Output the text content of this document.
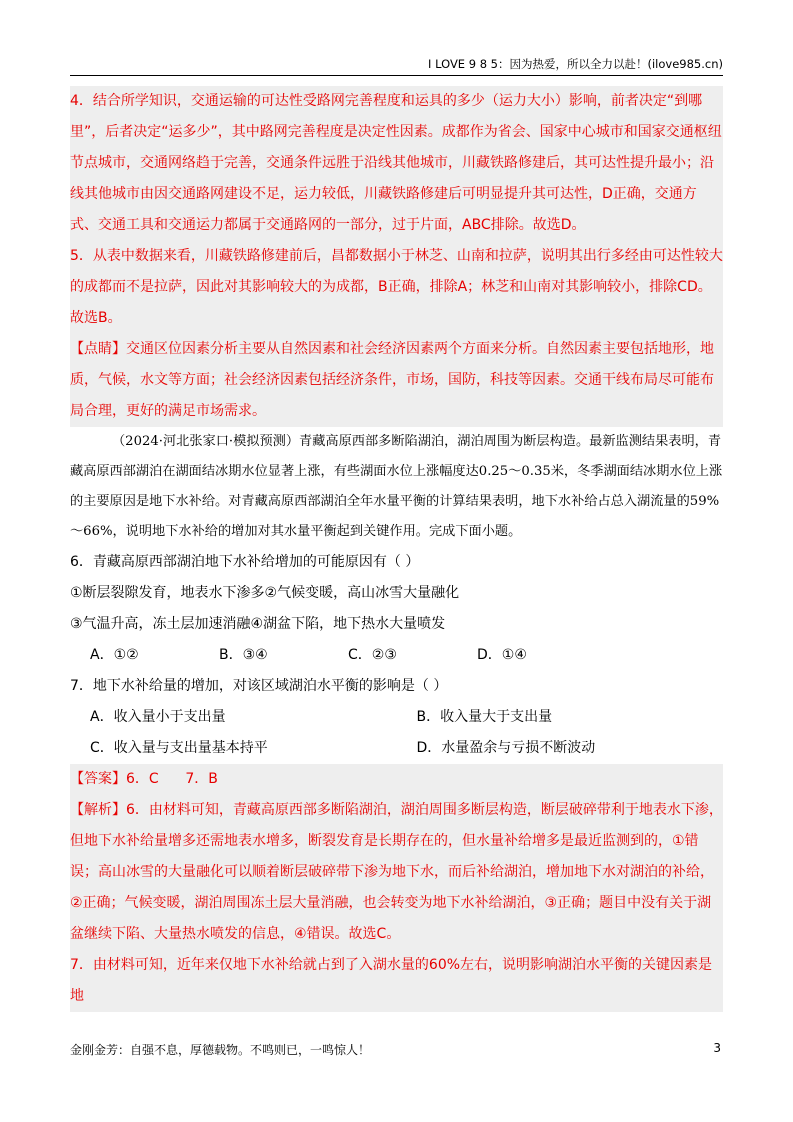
I LOVE 9 8 5：因为热爱，所以全力以赴！(ilove985.cn)

4．结合所学知识，交通运输的可达性受路网完善程度和运具的多少（运力大小）影响，前者决定“到哪里”，后者决定“运多少”，其中路网完善程度是决定性因素。成都作为省会、国家中心城市和国家交通枢纽节点城市，交通网络趋于完善，交通条件远胜于沿线其他城市，川藏铁路修建后，其可达性提升最小；沿线其他城市由因交通路网建设不足，运力较低，川藏铁路修建后可明显提升其可达性，D正确，交通方式、交通工具和交通运力都属于交通路网的一部分，过于片面，ABC排除。故选D。

5．从表中数据来看，川藏铁路修建前后，昌都数据小于林芝、山南和拉萨，说明其出行多经由可达性较大的成都而不是拉萨，因此对其影响较大的为成都，B正确，排除A；林芝和山南对其影响较小，排除CD。故选B。

【点睛】交通区位因素分析主要从自然因素和社会经济因素两个方面来分析。自然因素主要包括地形，地质，气候，水文等方面；社会经济因素包括经济条件，市场，国防，科技等因素。交通干线布局尽可能布局合理，更好的满足市场需求。

（2024·河北张家口·模拟预测）青藏高原西部多断陷湖泊，湖泊周围为断层构造。最新监测结果表明，青藏高原西部湖泊在湖面结冰期水位显著上涨，有些湖面水位上涨幅度达0.25～0.35米，冬季湖面结冰期水位上涨的主要原因是地下水补给。对青藏高原西部湖泊全年水量平衡的计算结果表明，地下水补给占总入湖流量的59%～66%，说明地下水补给的增加对其水量平衡起到关键作用。完成下面小题。

6．青藏高原西部湖泊地下水补给增加的可能原因有（ ）

①断层裂隙发育，地表水下渗多②气候变暖，高山冰雪大量融化

③气温升高，冻土层加速消融④湖盆下陷，地下热水大量喷发

A．①②	B．③④	C．②③	D．①④

7．地下水补给量的增加，对该区域湖泊水平衡的影响是（ ）

A．收入量小于支出量	B．收入量大于支出量
C．收入量与支出量基本持平	D．水量盈余与亏损不断波动

【答案】6．C      7．B

【解析】6．由材料可知，青藏高原西部多断陷湖泊，湖泊周围多断层构造，断层破碎带利于地表水下渗，但地下水补给量增多还需地表水增多，断裂发育是长期存在的，但水量补给增多是最近监测到的，①错误；高山冰雪的大量融化可以顺着断层破碎带下渗为地下水，而后补给湖泊，增加地下水对湖泊的补给，②正确；气候变暖，湖泊周围冻土层大量消融，也会转变为地下水补给湖泊，③正确；题目中没有关于湖盆继续下陷、大量热水喷发的信息，④错误。故选C。

7．由材料可知，近年来仅地下水补给就占到了入湖水量的60%左右，说明影响湖泊水平衡的关键因素是地

金刚金芳：自强不息，厚德载物。不鸣则已，一鸣惊人！	3
